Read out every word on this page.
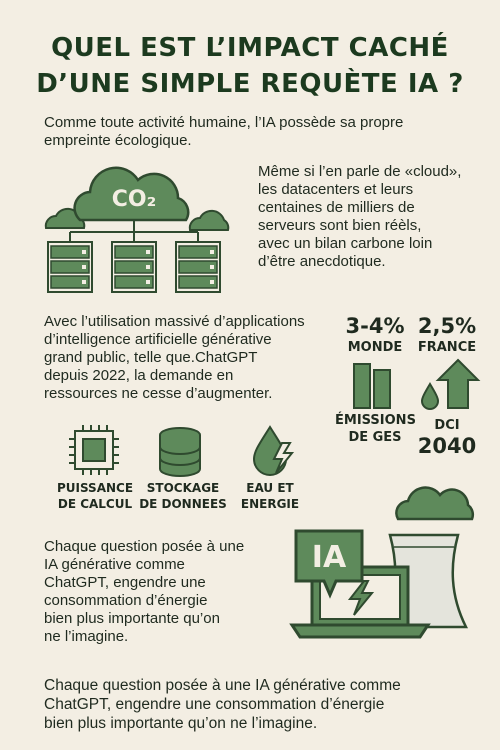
QUEL EST L’IMPACT CACHÉ
D’UNE SIMPLE REQUÈTE IA ?
Comme toute activité humaine, l’IA possède sa propre
empreinte écologique.
CO₂
Même si l’en parle de «cloud»,
les datacenters et leurs
centaines de milliers de
serveurs sont bien réèls,
avec un bilan carbone loin
d’être anecdotique.
Avec l’utilisation massivé d’applications
d’intelligence artificielle générative
grand public, telle que.ChatGPT
depuis 2022, la demande en
ressources ne cesse d’augmenter.
3-4%
MONDE
2,5%
FRANCE
ÉMISSIONS
DE GES
DCI
2040
PUISSANCE
DE CALCUL
STOCKAGE
DE DONNEES
EAU ET
ENERGIE
Chaque question posée à une
IA générative comme
ChatGPT, engendre une
consommation d’énergie
bien plus importante qu’on
ne l’imagine.
IA
Chaque question posée à une IA générative comme
ChatGPT, engendre une consommation d’énergie
bien plus importante qu’on ne l’imagine.
